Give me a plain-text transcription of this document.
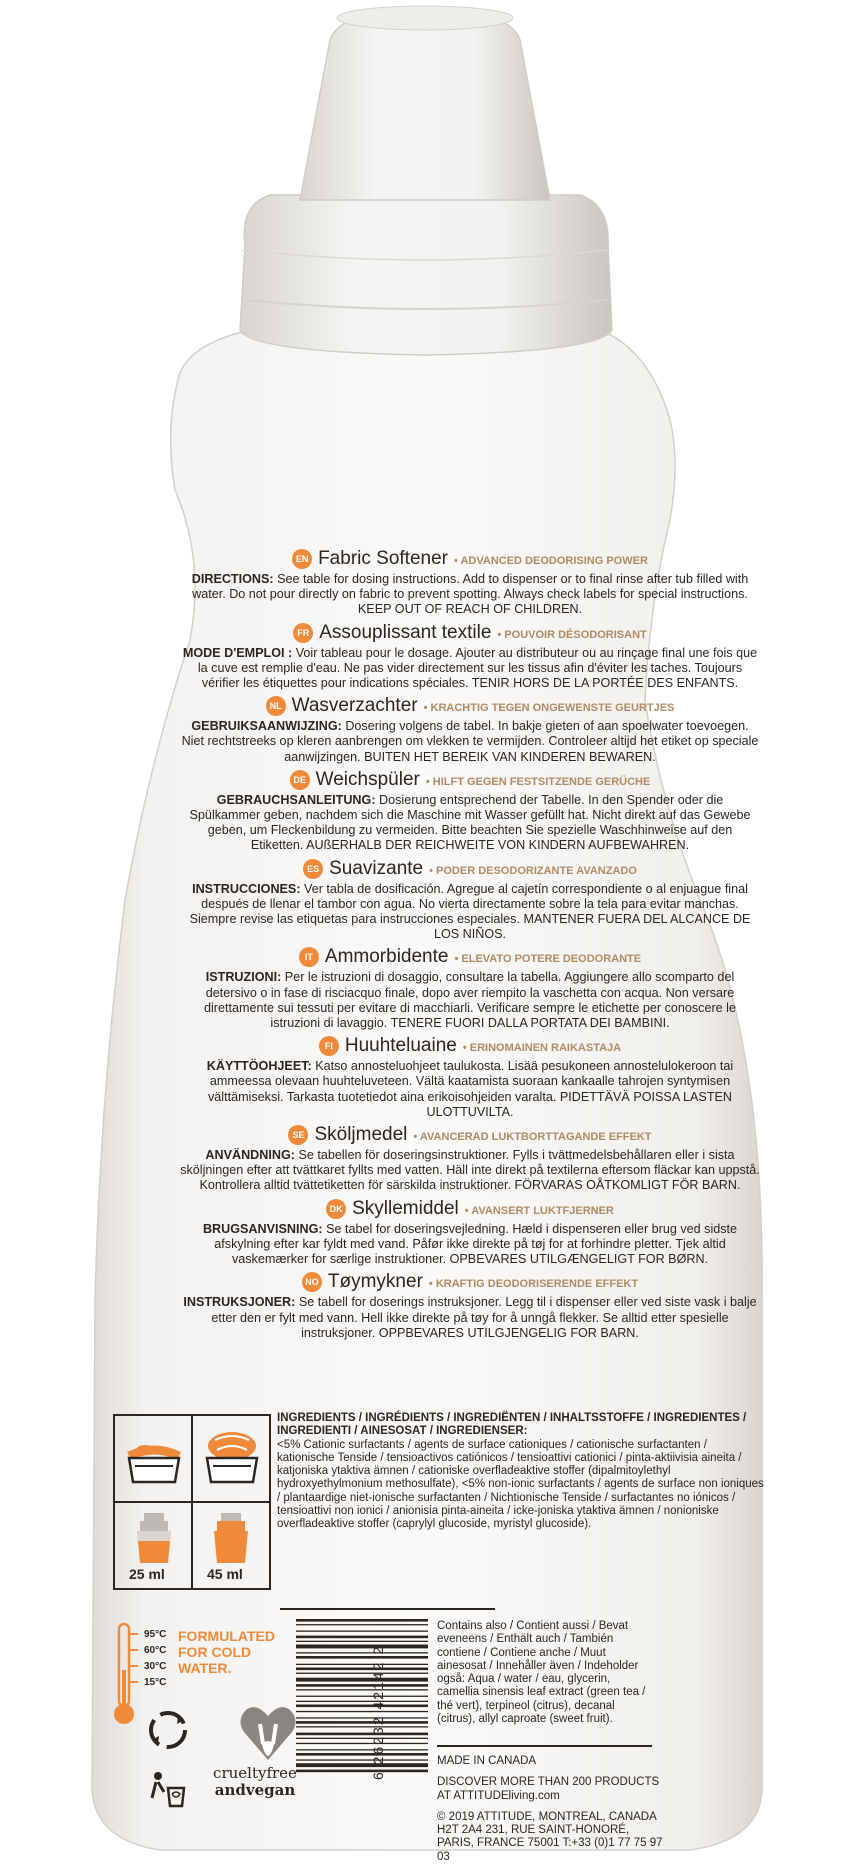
EN Fabric Softener • ADVANCED DEODORISING POWER
DIRECTIONS: See table for dosing instructions. Add to dispenser or to final rinse after tub filled with water. Do not pour directly on fabric to prevent spotting. Always check labels for special instructions. KEEP OUT OF REACH OF CHILDREN.
FR Assouplissant textile • POUVOIR DÉSODORISANT
MODE D'EMPLOI : Voir tableau pour le dosage. Ajouter au distributeur ou au rinçage final une fois que la cuve est remplie d'eau. Ne pas vider directement sur les tissus afin d'éviter les taches. Toujours vérifier les étiquettes pour indications spéciales. TENIR HORS DE LA PORTÉE DES ENFANTS.
NL Wasverzachter • KRACHTIG TEGEN ONGEWENSTE GEURTJES
GEBRUIKSAANWIJZING: Dosering volgens de tabel. In bakje gieten of aan spoelwater toevoegen. Niet rechtstreeks op kleren aanbrengen om vlekken te vermijden. Controleer altijd het etiket op speciale aanwijzingen. BUITEN HET BEREIK VAN KINDEREN BEWAREN.
DE Weichspüler • HILFT GEGEN FESTSITZENDE GERÜCHE
GEBRAUCHSANLEITUNG: Dosierung entsprechend der Tabelle. In den Spender oder die Spülkammer geben, nachdem sich die Maschine mit Wasser gefüllt hat. Nicht direkt auf das Gewebe geben, um Fleckenbildung zu vermeiden. Bitte beachten Sie spezielle Waschhinweise auf den Etiketten. AUßERHALB DER REICHWEITE VON KINDERN AUFBEWAHREN.
ES Suavizante • PODER DESODORIZANTE AVANZADO
INSTRUCCIONES: Ver tabla de dosificación. Agregue al cajetín correspondiente o al enjuague final después de llenar el tambor con agua. No vierta directamente sobre la tela para evitar manchas. Siempre revise las etiquetas para instrucciones especiales. MANTENER FUERA DEL ALCANCE DE LOS NIÑOS.
IT Ammorbidente • ELEVATO POTERE DEODORANTE
ISTRUZIONI: Per le istruzioni di dosaggio, consultare la tabella. Aggiungere allo scomparto del detersivo o in fase di risciacquo finale, dopo aver riempito la vaschetta con acqua. Non versare direttamente sui tessuti per evitare di macchiarli. Verificare sempre le etichette per conoscere le istruzioni di lavaggio. TENERE FUORI DALLA PORTATA DEI BAMBINI.
FI Huuhteluaine • ERINOMAINEN RAIKASTAJA
KÄYTTÖOHJEET: Katso annosteluohjeet taulukosta. Lisää pesukoneen annostelulokeroon tai ammeessa olevaan huuhteluveteen. Vältä kaatamista suoraan kankaalle tahrojen syntymisen välttämiseksi. Tarkasta tuotetiedot aina erikoisohjeiden varalta. PIDETTÄVÄ POISSA LASTEN ULOTTUVILTA.
SE Sköljmedel • AVANCERAD LUKTBORTTAGANDE EFFEKT
ANVÄNDNING: Se tabellen för doseringsinstruktioner. Fylls i tvättmedelsbehållaren eller i sista sköljningen efter att tvättkaret fyllts med vatten. Häll inte direkt på textilerna eftersom fläckar kan uppstå. Kontrollera alltid tvättetiketten för särskilda instruktioner. FÖRVARAS OÅTKOMLIGT FÖR BARN.
DK Skyllemiddel • AVANSERT LUKTFJERNER
BRUGSANVISNING: Se tabel for doseringsvejledning. Hæld i dispenseren eller brug ved sidste afskylning efter kar fyldt med vand. Påfør ikke direkte på tøj for at forhindre pletter. Tjek altid vaskemærker for særlige instruktioner. OPBEVARES UTILGÆNGELIGT FOR BØRN.
NO Tøymykner • KRAFTIG DEODORISERENDE EFFEKT
INSTRUKSJONER: Se tabell for doserings instruksjoner. Legg til i dispenser eller ved siste vask i balje etter den er fylt med vann. Hell ikke direkte på tøy for å unngå flekker. Se alltid etter spesielle instruksjoner. OPPBEVARES UTILGJENGELIG FOR BARN.
25 ml	45 ml
INGREDIENTS / INGRÉDIENTS / INGREDIËNTEN / INHALTSSTOFFE / INGREDIENTES / INGREDIENTI / AINESOSAT / INGREDIENSER:
<5% Cationic surfactants / agents de surface cationiques / cationische surfactanten / kationische Tenside / tensioactivos catiónicos / tensioattivi cationici / pinta-aktiivisia aineita / katjoniska ytaktiva ämnen / cationiske overfladeaktive stoffer (dipalmitoylethyl hydroxyethylmonium methosulfate), <5% non-ionic surfactants / agents de surface non ioniques / plantaardige niet-ionische surfactanten / Nichtionische Tenside / surfactantes no iónicos / tensioattivi non ionici / anionisia pinta-aineita / icke-joniska ytaktiva ämnen / nonioniske overfladeaktive stoffer (caprylyl glucoside, myristyl glucoside).
6 26232 42142 2
Contains also / Contient aussi / Bevat eveneens / Enthält auch / También contiene / Contiene anche / Muut ainesosat / Innehåller även / Indeholder også: Aqua / water / eau, glycerin, camellia sinensis leaf extract (green tea / thé vert), terpineol (citrus), decanal (citrus), allyl caproate (sweet fruit).
95°C
60°C
30°C
15°C
FORMULATED FOR COLD WATER.
crueltyfree
andvegan

MADE IN CANADA

DISCOVER MORE THAN 200 PRODUCTS AT ATTITUDEliving.com

© 2019 ATTITUDE, MONTREAL, CANADA H2T 2A4 231, RUE SAINT-HONORÉ, PARIS, FRANCE 75001 T:+33 (0)1 77 75 97 03
